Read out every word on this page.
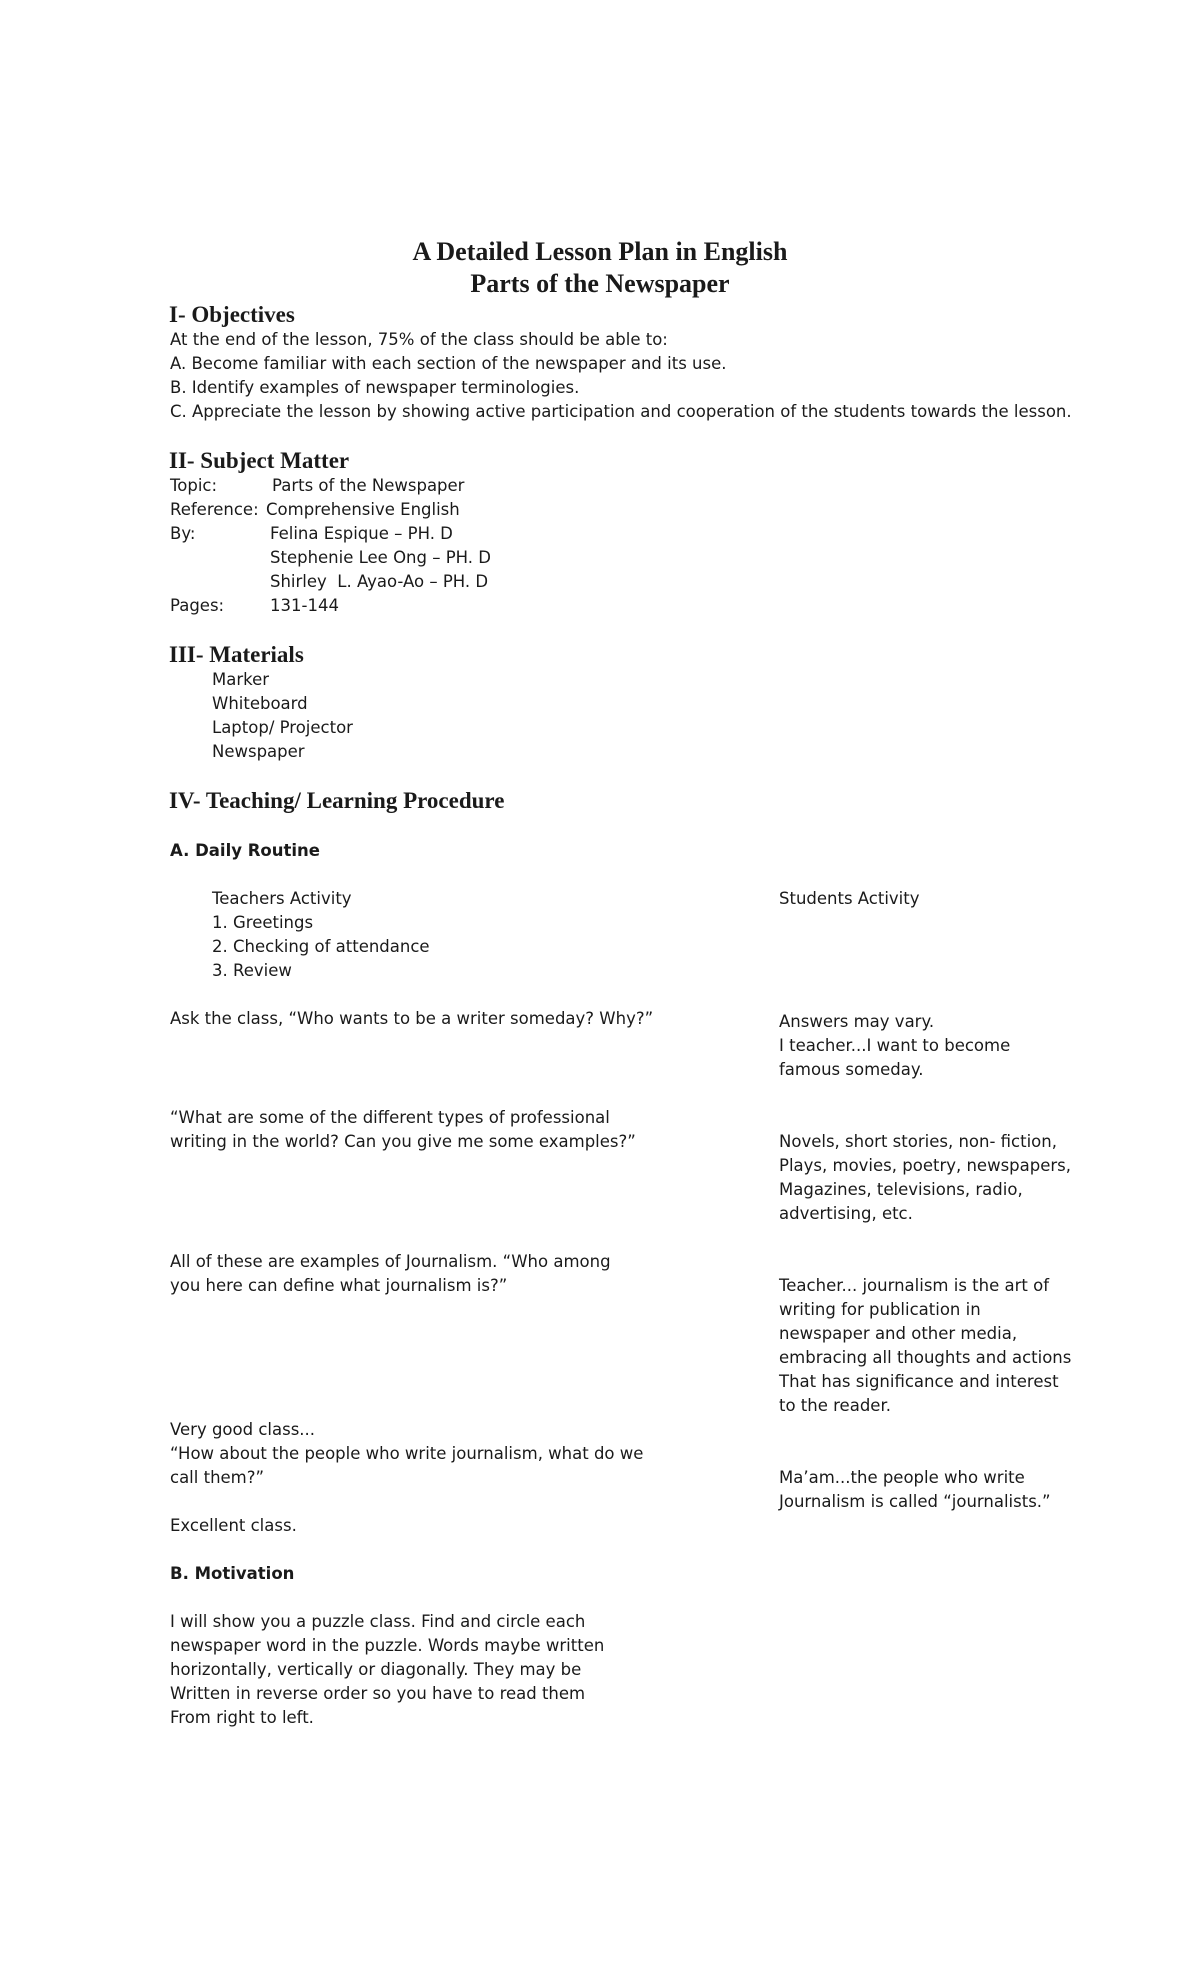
A Detailed Lesson Plan in English
Parts of the Newspaper
I- Objectives
At the end of the lesson, 75% of the class should be able to:
A. Become familiar with each section of the newspaper and its use.
B. Identify examples of newspaper terminologies.
C. Appreciate the lesson by showing active participation and cooperation of the students towards the lesson.
II- Subject Matter
Topic:	Parts of the Newspaper
Reference: Comprehensive English
By:	Felina Espique – PH. D
Stephenie Lee Ong – PH. D
Shirley  L. Ayao-Ao – PH. D
Pages:	131-144
III- Materials
Marker
Whiteboard
Laptop/ Projector
Newspaper
IV- Teaching/ Learning Procedure
A. Daily Routine
Teachers Activity	Students Activity
1. Greetings
2. Checking of attendance
3. Review
Ask the class, “Who wants to be a writer someday? Why?”	Answers may vary.
I teacher...I want to become
famous someday.
“What are some of the different types of professional
writing in the world? Can you give me some examples?”	Novels, short stories, non- fiction,
Plays, movies, poetry, newspapers,
Magazines, televisions, radio,
advertising, etc.
All of these are examples of Journalism. “Who among
you here can define what journalism is?”	Teacher... journalism is the art of
writing for publication in
newspaper and other media,
embracing all thoughts and actions
That has significance and interest
to the reader.
Very good class...
“How about the people who write journalism, what do we
call them?”	Ma’am...the people who write
Journalism is called “journalists.”
Excellent class.
B. Motivation
I will show you a puzzle class. Find and circle each
newspaper word in the puzzle. Words maybe written
horizontally, vertically or diagonally. They may be
Written in reverse order so you have to read them
From right to left.
